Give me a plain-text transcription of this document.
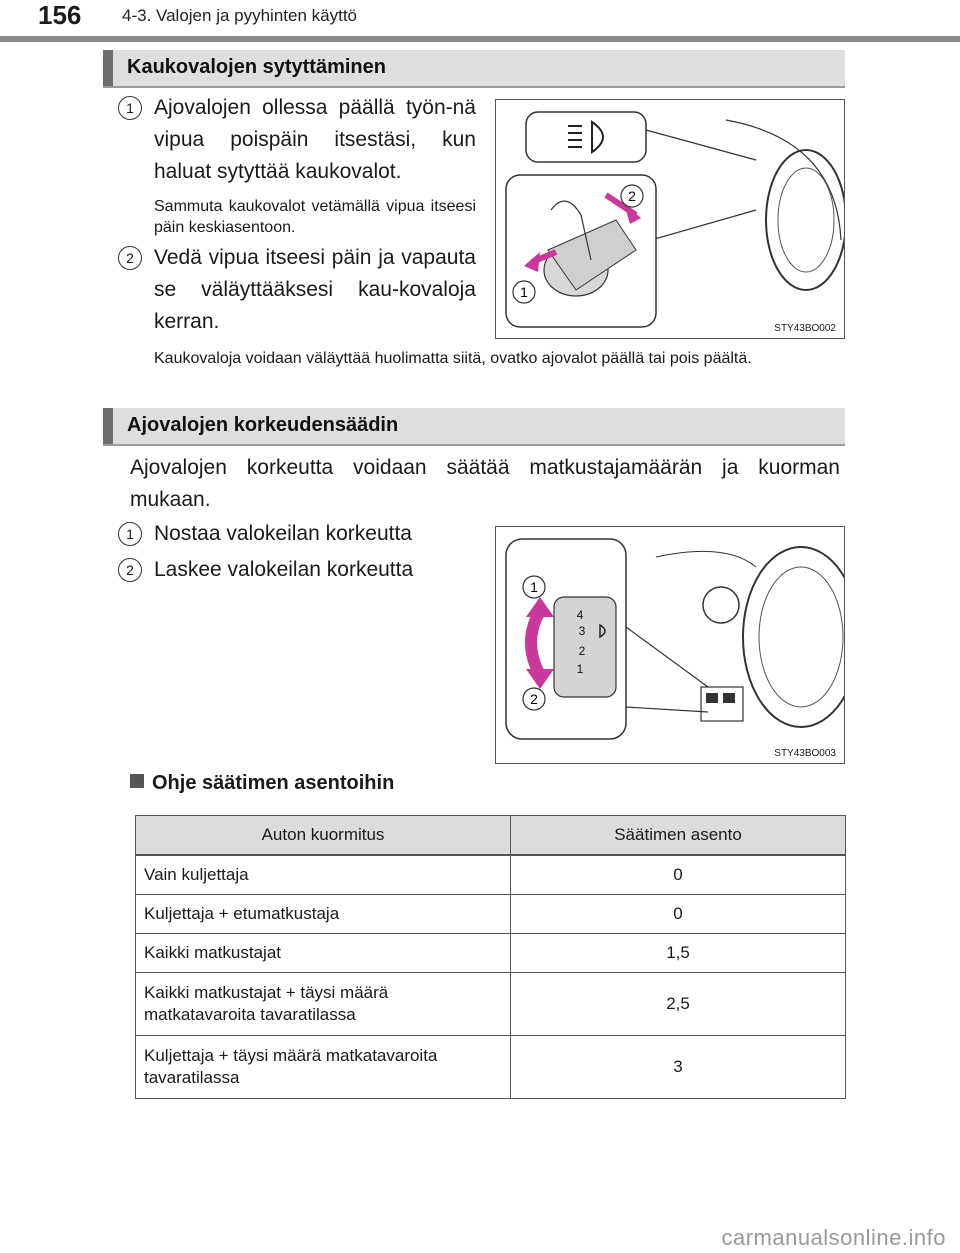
156 4-3. Valojen ja pyyhinten käyttö
Kaukovalojen sytyttäminen
1 Ajovalojen ollessa päällä työn-nä vipua poispäin itsestäsi, kun haluat sytyttää kaukovalot.
Sammuta kaukovalot vetämällä vipua itseesi päin keskiasentoon.
2 Vedä vipua itseesi päin ja vapauta se väläyttääksesi kau-kovaloja kerran.
Kaukovaloja voidaan väläyttää huolimatta siitä, ovatko ajovalot päällä tai pois päältä.
2
1
STY43BO002
Ajovalojen korkeudensäädin
Ajovalojen korkeutta voidaan säätää matkustajamäärän ja kuorman mukaan.
1 Nostaa valokeilan korkeutta
2 Laskee valokeilan korkeutta
4
3
2
1
1
2
STY43BO003
Ohje säätimen asentoihin
Auton kuormitus	Säätimen asento
Vain kuljettaja	0
Kuljettaja + etumatkustaja	0
Kaikki matkustajat	1,5
Kaikki matkustajat + täysi määrä matkatavaroita tavaratilassa	2,5
Kuljettaja + täysi määrä matkatavaroita tavaratilassa	3
carmanualsonline.info
